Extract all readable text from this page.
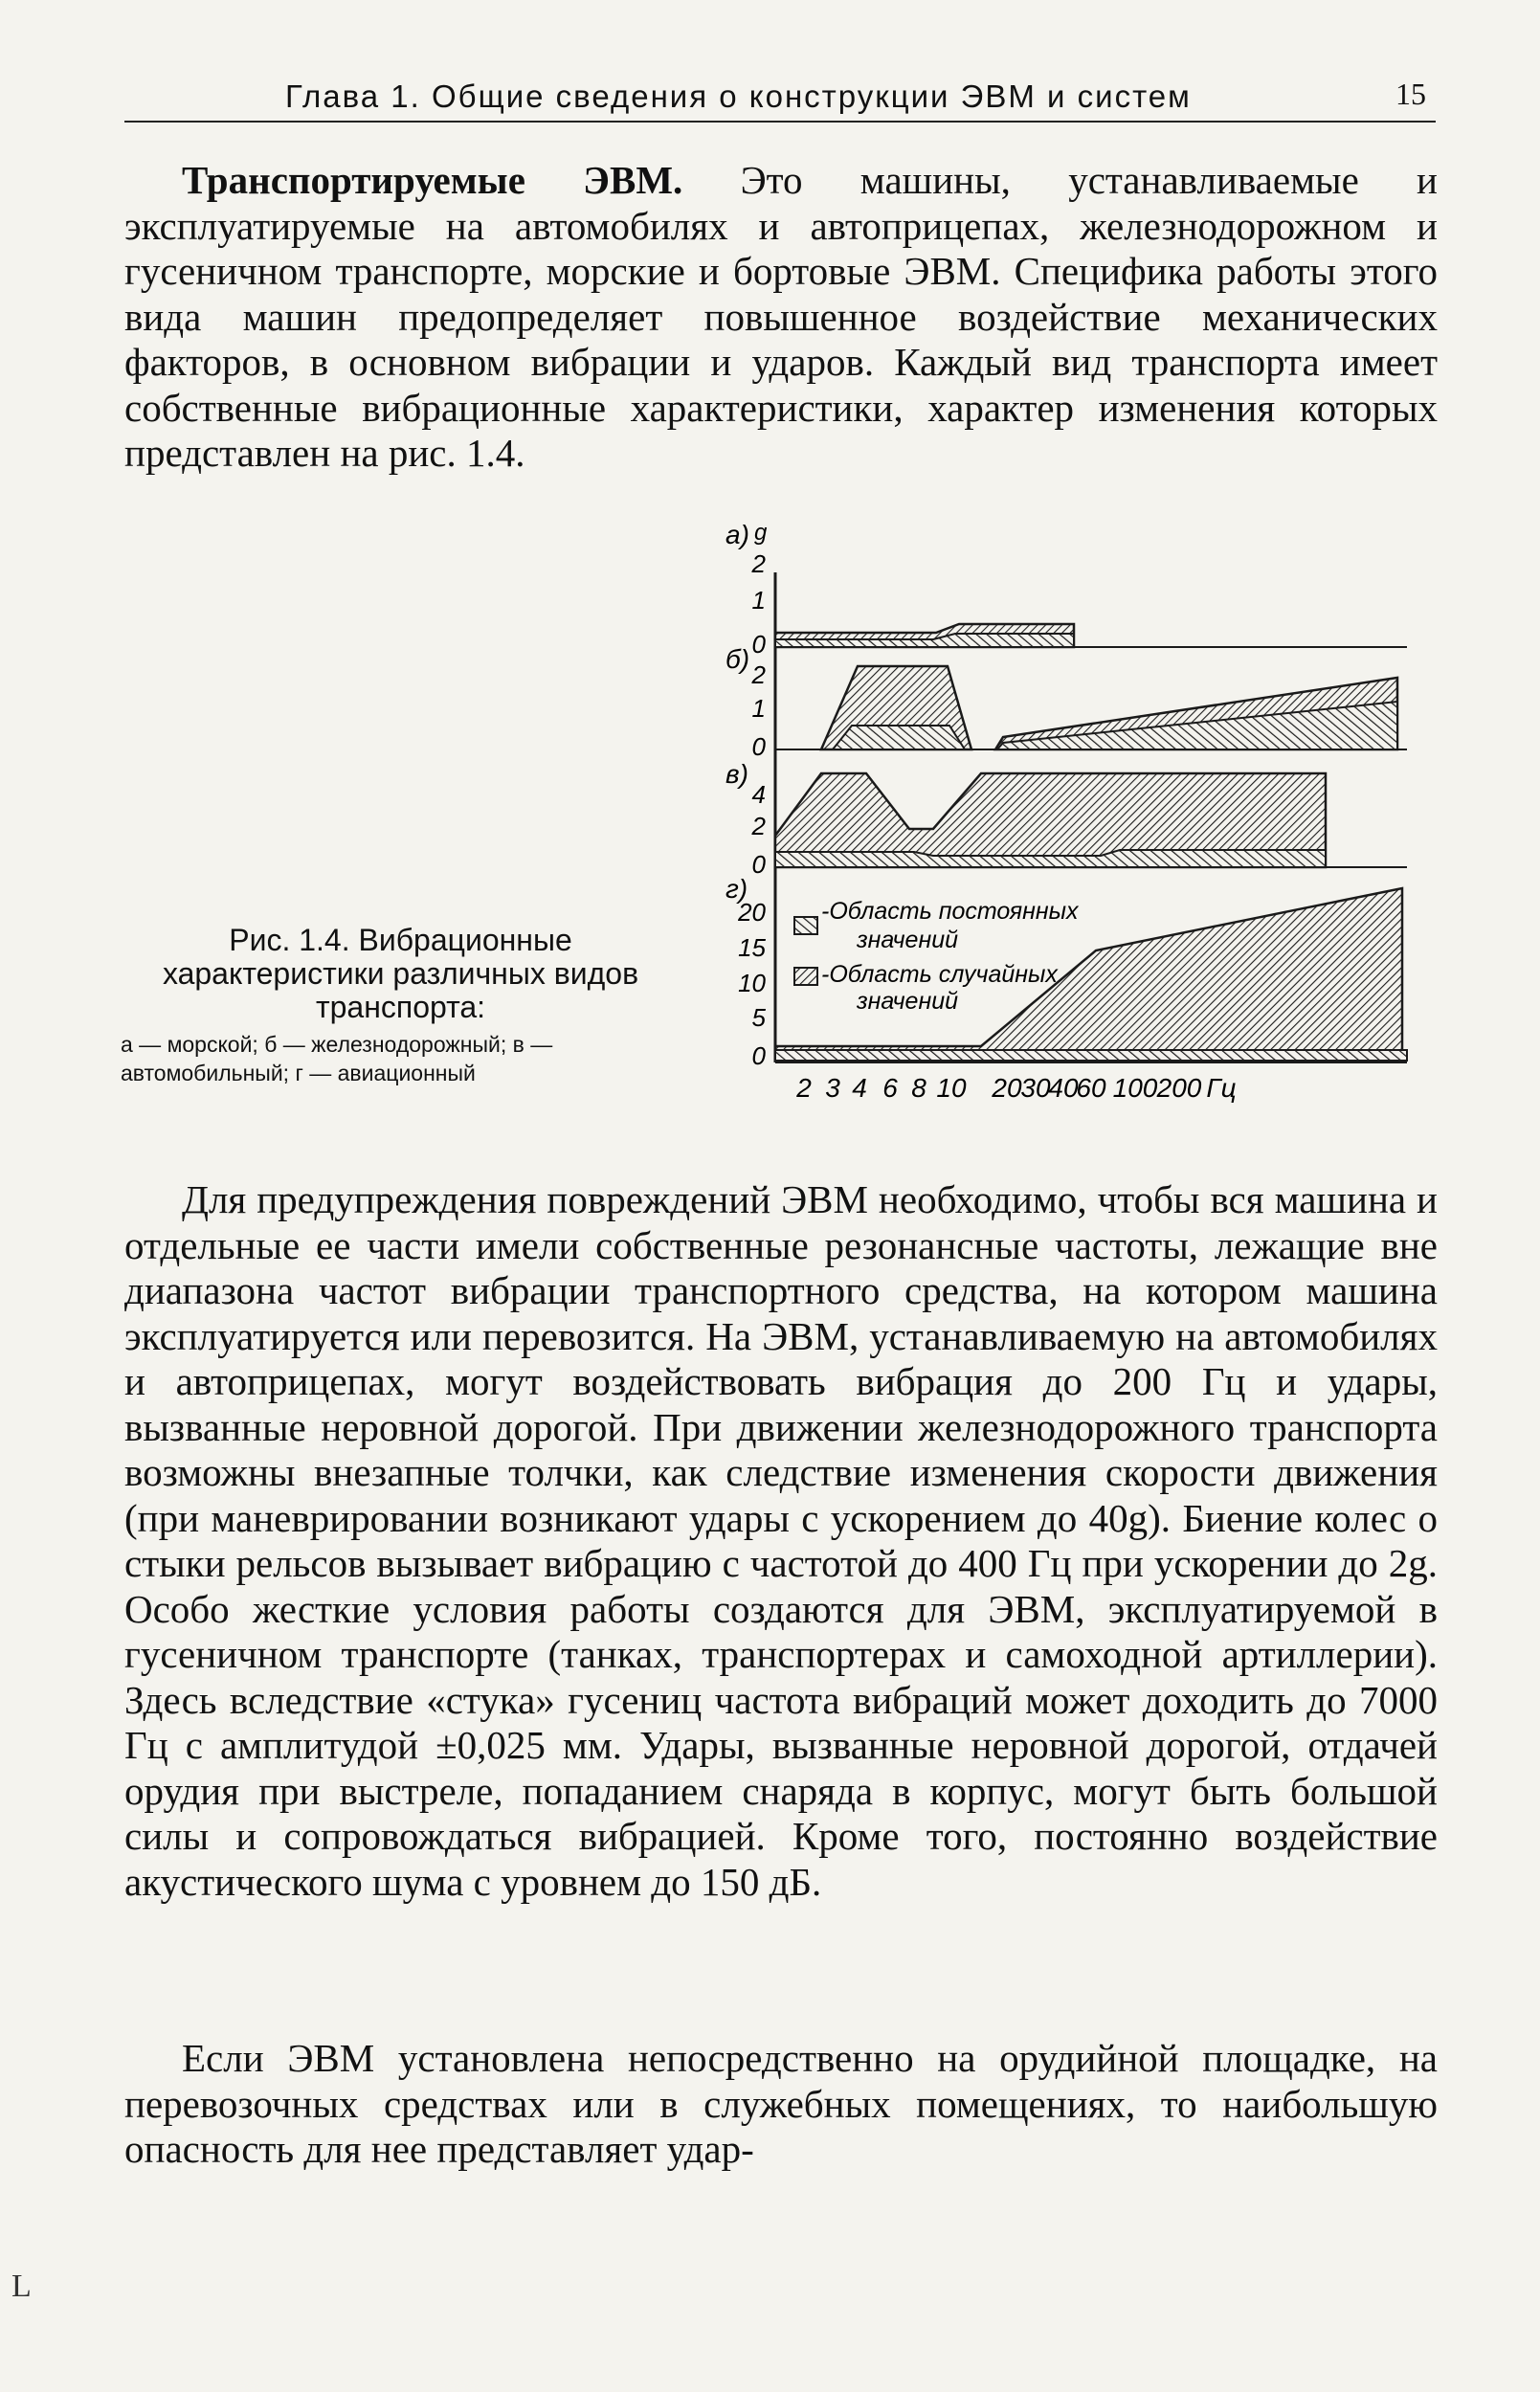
Глава 1. Общие сведения о конструкции ЭВМ и систем	15

Транспортируемые ЭВМ. Это машины, устанавливаемые и эксплуатируемые на автомобилях и автоприцепах, железнодорожном и гусеничном транспорте, морские и бортовые ЭВМ. Специфика работы этого вида машин предопределяет повышенное воздействие механических факторов, в основном вибрации и ударов. Каждый вид транспорта имеет собственные вибрационные характеристики, характер изменения которых представлен на рис. 1.4.

-Область постоянных значений
-Область случайных значений
а)
б)
в)
г)
g
2
1
0
2
1
0
4
2
0
20
15
10
5
0
2 3 4 6 8 10 20
30
40
60 100 200 Гц

Рис. 1.4. Вибрационные характеристики различных видов транспорта:

а — морской; б — железнодорожный; в — автомобильный; г — авиационный

Для предупреждения повреждений ЭВМ необходимо, чтобы вся машина и отдельные ее части имели собственные резонансные частоты, лежащие вне диапазона частот вибрации транспортного средства, на котором машина эксплуатируется или перевозится. На ЭВМ, устанавливаемую на автомобилях и автоприцепах, могут воздействовать вибрация до 200 Гц и удары, вызванные неровной дорогой. При движении железнодорожного транспорта возможны внезапные толчки, как следствие изменения скорости движения (при маневрировании возникают удары с ускорением до 40g). Биение колес о стыки рельсов вызывает вибрацию с частотой до 400 Гц при ускорении до 2g. Особо жесткие условия работы создаются для ЭВМ, эксплуатируемой в гусеничном транспорте (танках, транспортерах и самоходной артиллерии). Здесь вследствие «стука» гусениц частота вибраций может доходить до 7000 Гц с амплитудой ±0,025 мм. Удары, вызванные неровной дорогой, отдачей орудия при выстреле, попаданием снаряда в корпус, могут быть большой силы и сопровождаться вибрацией. Кроме того, постоянно воздействие акустического шума с уровнем до 150 дБ.

Если ЭВМ установлена непосредственно на орудийной площадке, на перевозочных средствах или в служебных помещениях, то наибольшую опасность для нее представляет удар-

L
